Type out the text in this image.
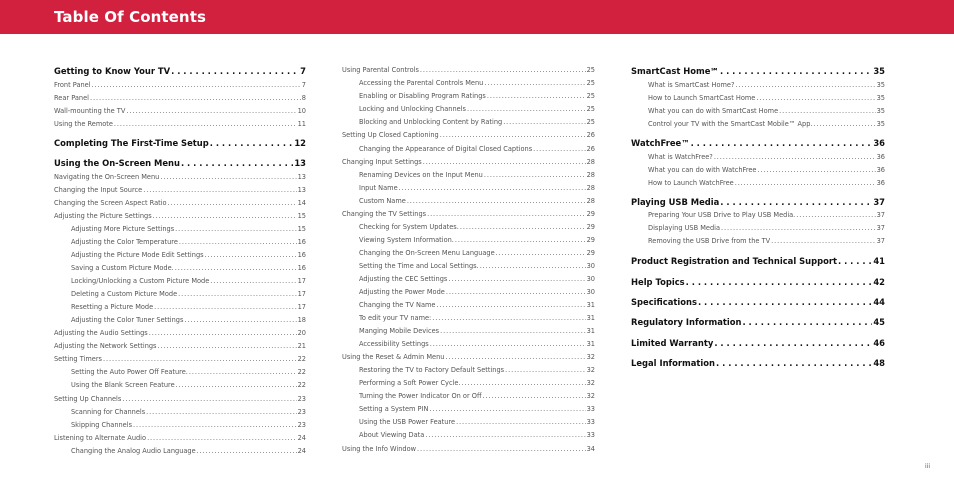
Table Of Contents
Getting to Know Your TV . . .	7
Front Panel . . .	7
Rear Panel . . .	8
Wall-mounting the TV . . .	10
Using the Remote . . .	11
Completing The First-Time Setup . . .	12
Using the On-Screen Menu . . .	13
Navigating the On-Screen Menu . . .	13
Changing the Input Source . . .	13
Changing the Screen Aspect Ratio . . .	14
Adjusting the Picture Settings . . .	15
Adjusting More Picture Settings . . .	15
Adjusting the Color Temperature . . .	16
Adjusting the Picture Mode Edit Settings . . .	16
Saving a Custom Picture Mode. . . .	16
Locking/Unlocking a Custom Picture Mode . . .	17
Deleting a Custom Picture Mode . . .	17
Resetting a Picture Mode . . .	17
Adjusting the Color Tuner Settings . . .	18
Adjusting the Audio Settings . . .	20
Adjusting the Network Settings . . .	21
Setting Timers . . .	22
Setting the Auto Power Off Feature. . . .	22
Using the Blank Screen Feature . . .	22
Setting Up Channels . . .	23
Scanning for Channels . . .	23
Skipping Channels . . .	23
Listening to Alternate Audio . . .	24
Changing the Analog Audio Language . . .	24
Using Parental Controls . . .	25
Accessing the Parental Controls Menu . . .	25
Enabling or Disabling Program Ratings . . .	25
Locking and Unlocking Channels . . .	25
Blocking and Unblocking Content by Rating . . .	25
Setting Up Closed Captioning . . .	26
Changing the Appearance of Digital Closed Captions . . .	26
Changing Input Settings . . .	28
Renaming Devices on the Input Menu . . .	28
Input Name . . .	28
Custom Name . . .	28
Changing the TV Settings . . .	29
Checking for System Updates. . . .	29
Viewing System Information. . . .	29
Changing the On-Screen Menu Language . . .	29
Setting the Time and Local Settings. . . .	30
Adjusting the CEC Settings . . .	30
Adjusting the Power Mode . . .	30
Changing the TV Name . . .	31
To edit your TV name: . . .	31
Manging Mobile Devices . . .	31
Accessibility Settings . . .	31
Using the Reset & Admin Menu . . .	32
Restoring the TV to Factory Default Settings . . .	32
Performing a Soft Power Cycle. . . .	32
Turning the Power Indicator On or Off . . .	32
Setting a System PIN . . .	33
Using the USB Power Feature . . .	33
About Viewing Data . . .	33
Using the Info Window . . .	34
SmartCast Home℠ . . .	35
What is SmartCast Home? . . .	35
How to Launch SmartCast Home . . .	35
What you can do with SmartCast Home . . .	35
Control your TV with the SmartCast Mobile™ App. . . .	35
WatchFree™ . . .	36
What is WatchFree? . . .	36
What you can do with WatchFree . . .	36
How to Launch WatchFree . . .	36
Playing USB Media . . .	37
Preparing Your USB Drive to Play USB Media. . . .	37
Displaying USB Media . . .	37
Removing the USB Drive from the TV . . .	37
Product Registration and Technical Support . . .	41
Help Topics . . .	42
Specifications . . .	44
Regulatory Information . . .	45
Limited Warranty . . .	46
Legal Information . . .	48
iii
